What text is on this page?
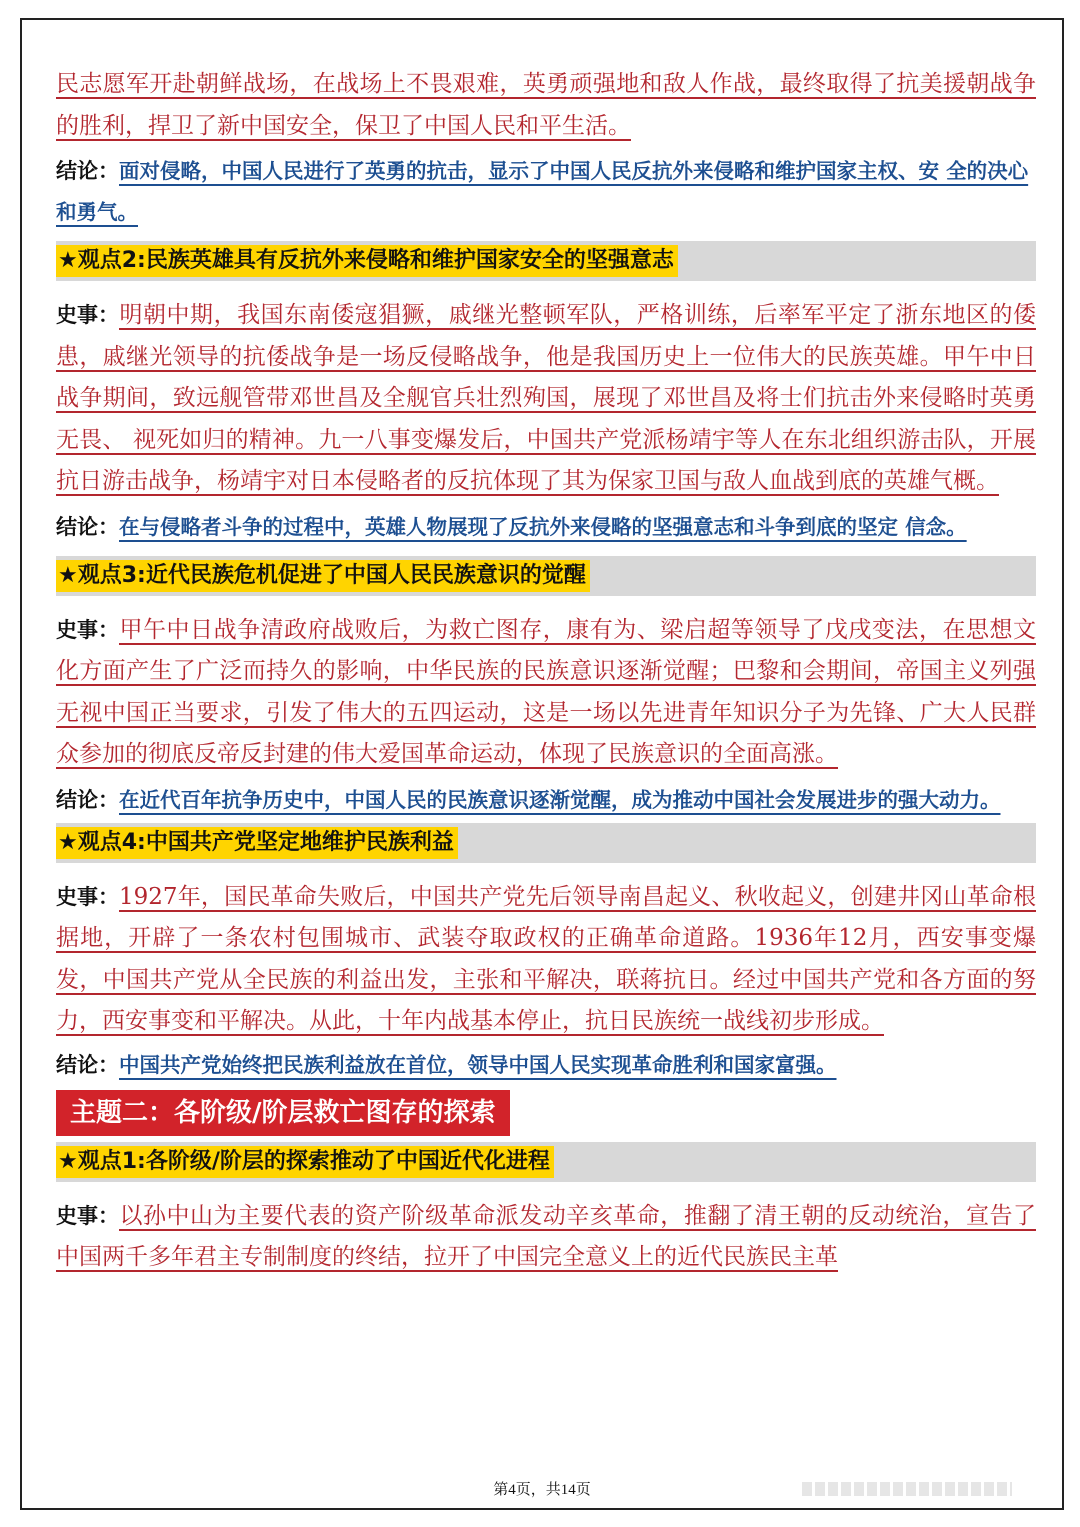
民志愿军开赴朝鲜战场，在战场上不畏艰难，英勇顽强地和敌人作战，最终取得了抗美援朝战争的胜利，捍卫了新中国安全，保卫了中国人民和平生活。

结论：面对侵略，中国人民进行了英勇的抗击，显示了中国人民反抗外来侵略和维护国家主权、安 全的决心和勇气。

★观点2:民族英雄具有反抗外来侵略和维护国家安全的坚强意志

史事：明朝中期，我国东南倭寇猖獗，戚继光整顿军队，严格训练，后率军平定了浙东地区的倭患，戚继光领导的抗倭战争是一场反侵略战争，他是我国历史上一位伟大的民族英雄。甲午中日战争期间，致远舰管带邓世昌及全舰官兵壮烈殉国，展现了邓世昌及将士们抗击外来侵略时英勇无畏、 视死如归的精神。九一八事变爆发后，中国共产党派杨靖宇等人在东北组织游击队，开展抗日游击战争，杨靖宇对日本侵略者的反抗体现了其为保家卫国与敌人血战到底的英雄气概。

结论：在与侵略者斗争的过程中，英雄人物展现了反抗外来侵略的坚强意志和斗争到底的坚定 信念。

★观点3:近代民族危机促进了中国人民民族意识的觉醒

史事：甲午中日战争清政府战败后，为救亡图存，康有为、梁启超等领导了戊戌变法，在思想文化方面产生了广泛而持久的影响，中华民族的民族意识逐渐觉醒；巴黎和会期间，帝国主义列强无视中国正当要求，引发了伟大的五四运动，这是一场以先进青年知识分子为先锋、广大人民群众参加的彻底反帝反封建的伟大爱国革命运动，体现了民族意识的全面高涨。

结论：在近代百年抗争历史中，中国人民的民族意识逐渐觉醒，成为推动中国社会发展进步的强大动力。

★观点4:中国共产党坚定地维护民族利益

史事：1927年，国民革命失败后，中国共产党先后领导南昌起义、秋收起义，创建井冈山革命根据地，开辟了一条农村包围城市、武装夺取政权的正确革命道路。1936年12月，西安事变爆发，中国共产党从全民族的利益出发，主张和平解决，联蒋抗日。经过中国共产党和各方面的努力，西安事变和平解决。从此，十年内战基本停止，抗日民族统一战线初步形成。

结论：中国共产党始终把民族利益放在首位，领导中国人民实现革命胜利和国家富强。

主题二：各阶级/阶层救亡图存的探索
★观点1:各阶级/阶层的探索推动了中国近代化进程

史事：以孙中山为主要代表的资产阶级革命派发动辛亥革命，推翻了清王朝的反动统治，宣告了中国两千多年君主专制制度的终结，拉开了中国完全意义上的近代民族民主革

第4页，共14页
